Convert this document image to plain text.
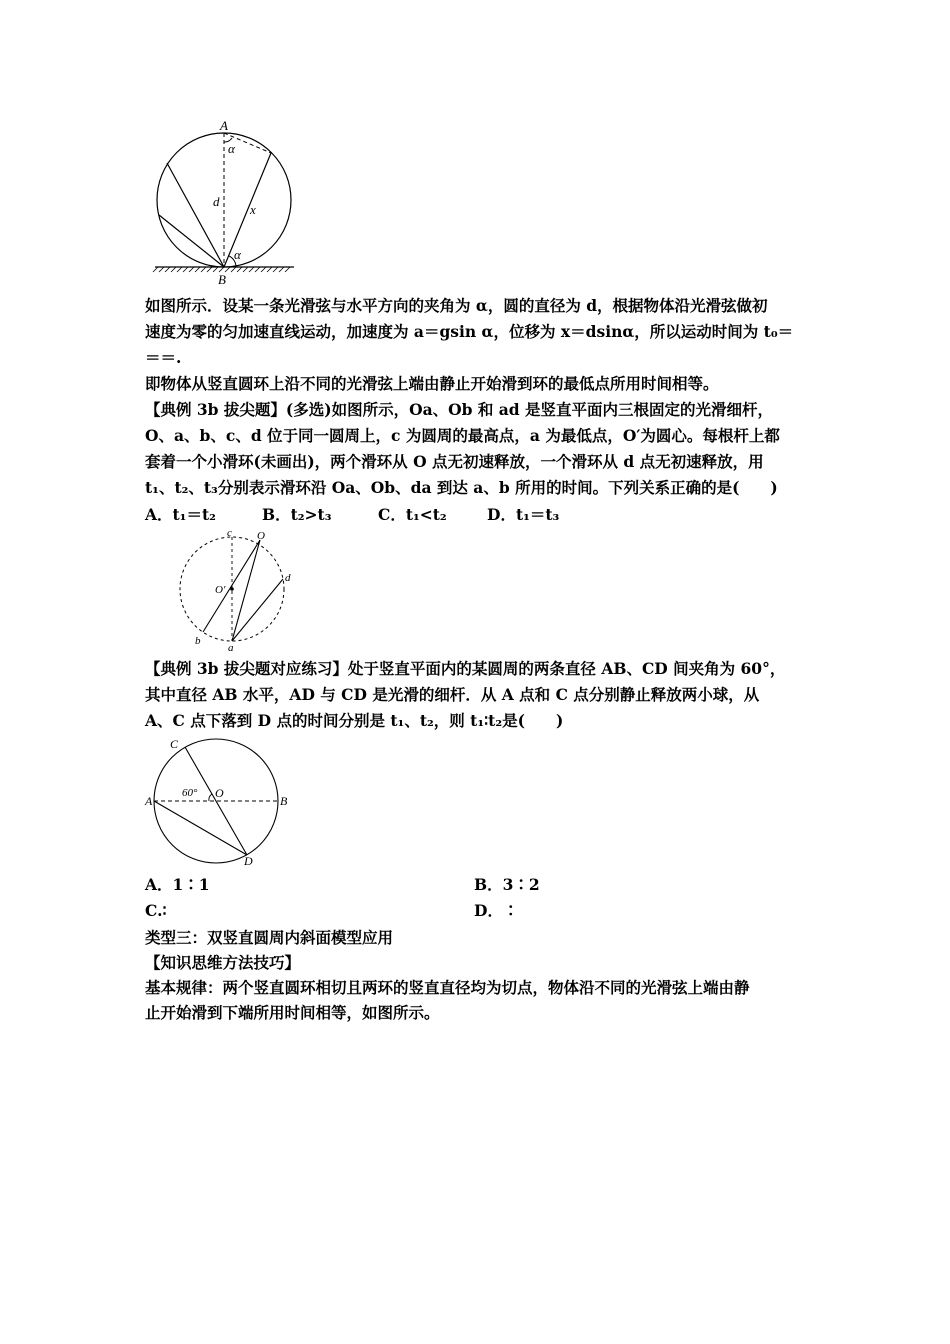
A
α
d
x
α
B
如图所示．设某一条光滑弦与水平方向的夹角为 α，圆的直径为 d，根据物体沿光滑弦做初
速度为零的匀加速直线运动，加速度为 a＝gsin α，位移为 x＝dsinα，所以运动时间为 t₀＝
＝＝.
即物体从竖直圆环上沿不同的光滑弦上端由静止开始滑到环的最低点所用时间相等。
【典例 3b 拔尖题】(多选)如图所示，Oa、Ob 和 ad 是竖直平面内三根固定的光滑细杆，
O、a、b、c、d 位于同一圆周上，c 为圆周的最高点，a 为最低点，O′为圆心。每根杆上都
套着一个小滑环(未画出)，两个滑环从 O 点无初速释放，一个滑环从 d 点无初速释放，用
t₁、t₂、t₃分别表示滑环沿 Oa、Ob、da 到达 a、b 所用的时间。下列关系正确的是(　　)
A．t₁＝t₂	B．t₂>t₃	C．t₁<t₂	D．t₁＝t₃
c O
O′
d
b
a
【典例 3b 拔尖题对应练习】处于竖直平面内的某圆周的两条直径 AB、CD 间夹角为 60°，
其中直径 AB 水平，AD 与 CD 是光滑的细杆．从 A 点和 C 点分别静止释放两小球，从
A、C 点下落到 D 点的时间分别是 t₁、t₂，则 t₁∶t₂是(　　)
C
60° O
A	B
D
A．1∶1	B．3∶2
C.∶	D．∶
类型三：双竖直圆周内斜面模型应用
【知识思维方法技巧】
基本规律：两个竖直圆环相切且两环的竖直直径均为切点，物体沿不同的光滑弦上端由静
止开始滑到下端所用时间相等，如图所示。
